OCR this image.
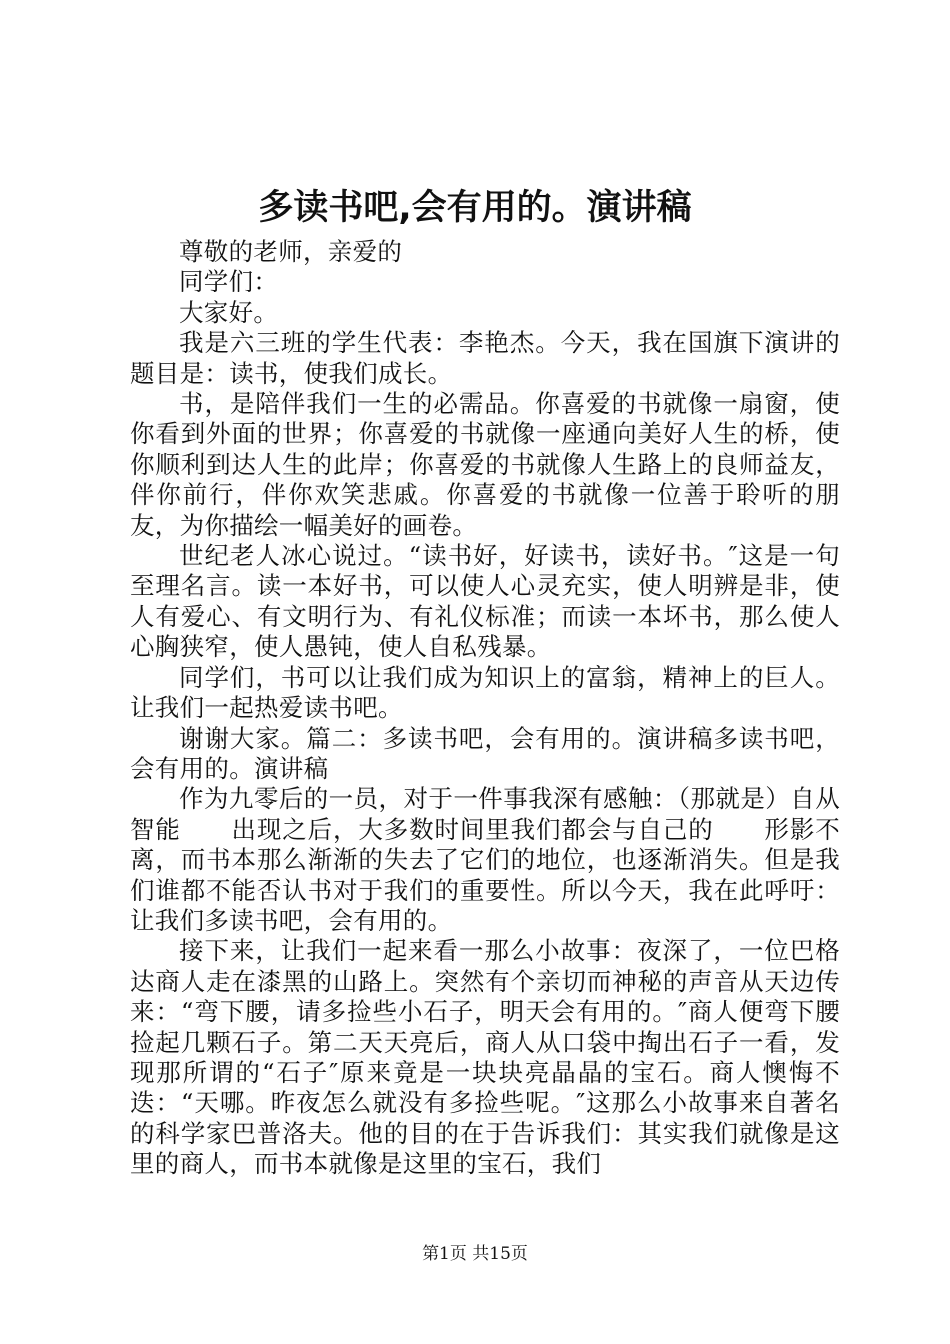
多读书吧,会有用的。演讲稿

尊敬的老师，亲爱的

同学们：

大家好。

我是六三班的学生代表：李艳杰。今天，我在国旗下演讲的题目是：读书，使我们成长。

书，是陪伴我们一生的必需品。你喜爱的书就像一扇窗，使你看到外面的世界；你喜爱的书就像一座通向美好人生的桥，使你顺利到达人生的此岸；你喜爱的书就像人生路上的良师益友，伴你前行，伴你欢笑悲戚。你喜爱的书就像一位善于聆听的朋友，为你描绘一幅美好的画卷。

世纪老人冰心说过。“读书好，好读书，读好书。″这是一句至理名言。读一本好书，可以使人心灵充实，使人明辨是非，使人有爱心、有文明行为、有礼仪标准；而读一本坏书，那么使人心胸狭窄，使人愚钝，使人自私残暴。

同学们，书可以让我们成为知识上的富翁，精神上的巨人。让我们一起热爱读书吧。

谢谢大家。篇二：多读书吧，会有用的。演讲稿多读书吧，会有用的。演讲稿

作为九零后的一员，对于一件事我深有感触：（那就是）自从智能　　出现之后，大多数时间里我们都会与自己的　　形影不离，而书本那么渐渐的失去了它们的地位，也逐渐消失。但是我们谁都不能否认书对于我们的重要性。所以今天，我在此呼吁：让我们多读书吧，会有用的。

接下来，让我们一起来看一那么小故事：夜深了，一位巴格达商人走在漆黑的山路上。突然有个亲切而神秘的声音从天边传来：“弯下腰，请多捡些小石子，明天会有用的。″商人便弯下腰捡起几颗石子。第二天天亮后，商人从口袋中掏出石子一看，发现那所谓的“石子″原来竟是一块块亮晶晶的宝石。商人懊悔不迭：“天哪。昨夜怎么就没有多捡些呢。″这那么小故事来自著名的科学家巴普洛夫。他的目的在于告诉我们：其实我们就像是这里的商人，而书本就像是这里的宝石，我们

第1页 共15页
